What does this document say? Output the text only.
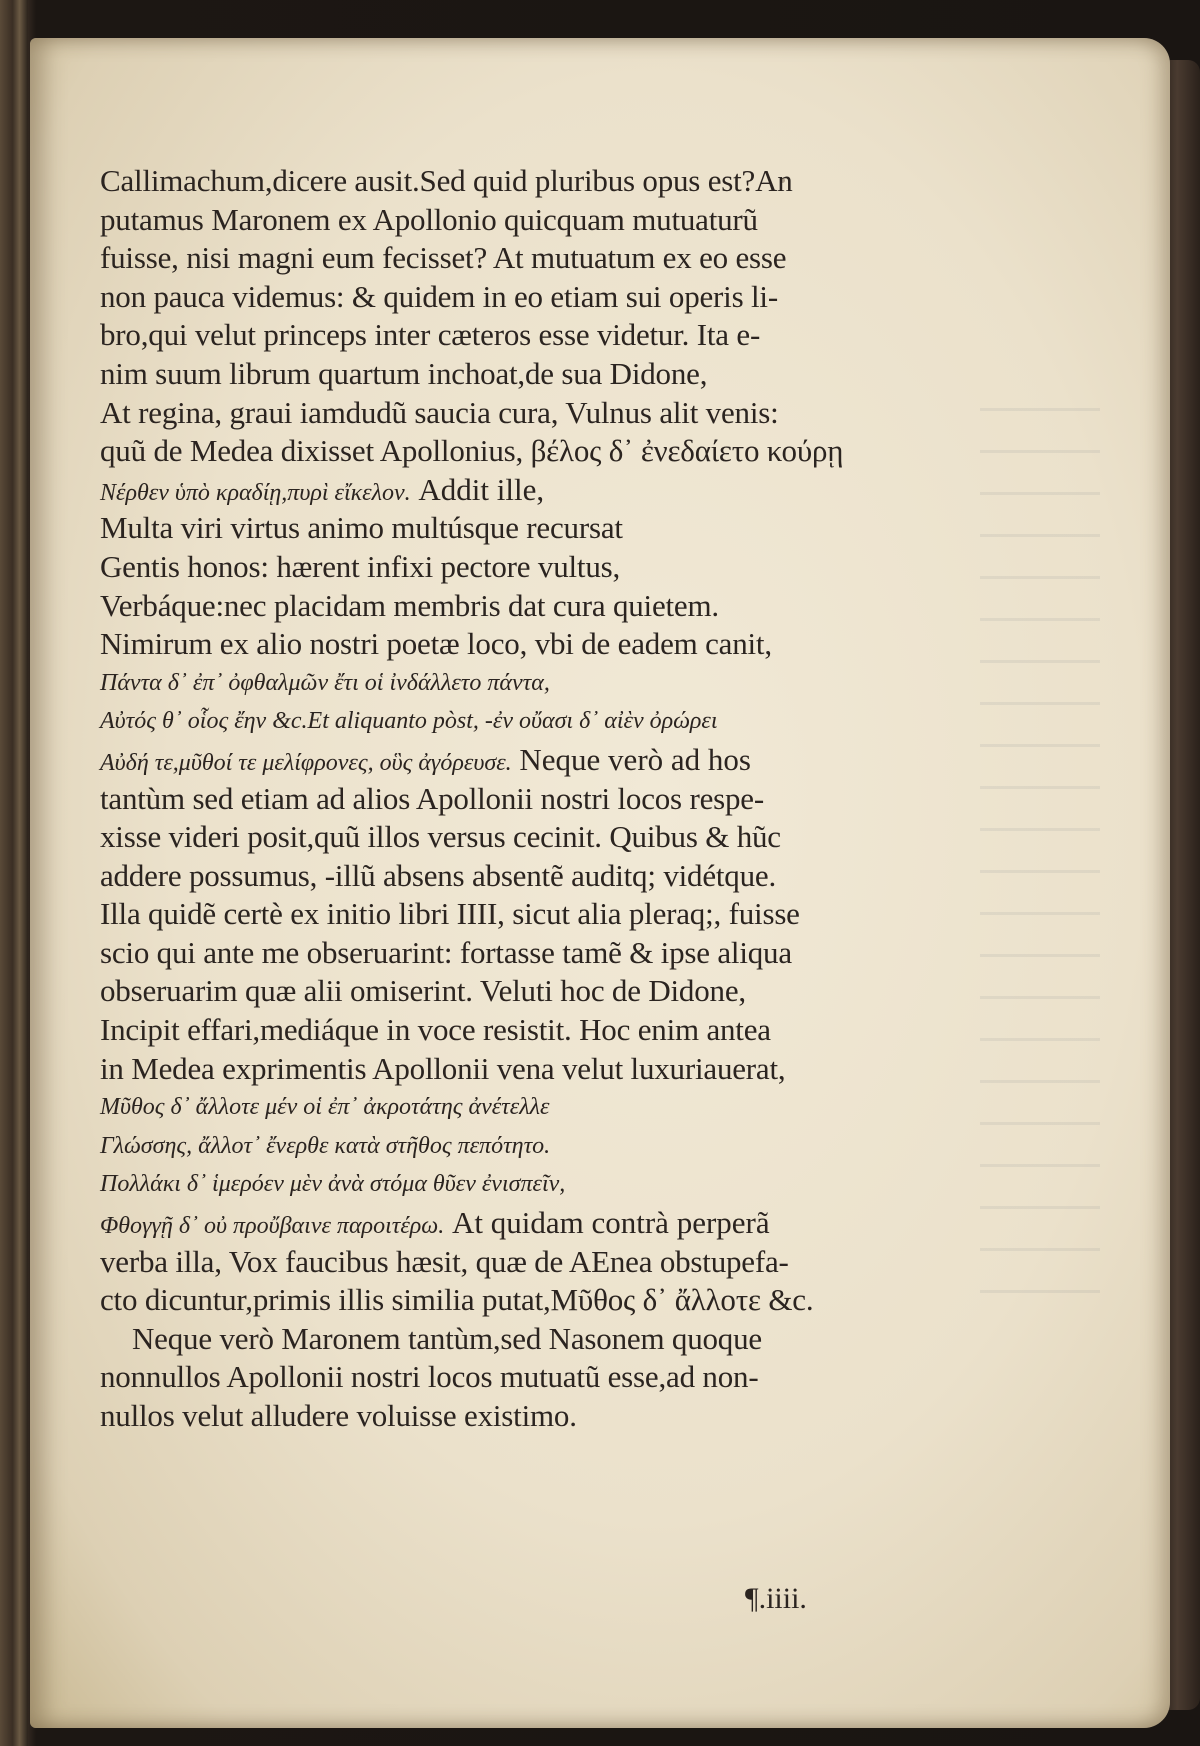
Callimachum,dicere ausit.Sed quid pluribus opus est?An
putamus Maronem ex Apollonio quicquam mutuaturũ
fuisse, nisi magni eum fecisset? At mutuatum ex eo esse
non pauca videmus: & quidem in eo etiam sui operis li-
bro,qui velut princeps inter cæteros esse videtur. Ita e-
nim suum librum quartum inchoat,de sua Didone,
At regina, graui iamdudũ saucia cura, Vulnus alit venis:
quũ de Medea dixisset Apollonius, βέλος δ᾽ ἐνεδαίετο κούρῃ
Νέρθεν ὑπὸ κραδίῃ,πυρὶ εἴκελον. Addit ille,
Multa viri virtus animo multúsque recursat
Gentis honos: hærent infixi pectore vultus,
Verbáque:nec placidam membris dat cura quietem.
Nimirum ex alio nostri poetæ loco, vbi de eadem canit,
Πάντα δ᾽ ἐπ᾽ ὀφθαλμῶν ἔτι οἱ ἰνδάλλετο πάντα,
Αὐτός θ᾽ οἷος ἔην &c.Et aliquanto pòst, -ἐν οὔασι δ᾽ αἰὲν ὀρώρει
Αὐδή τε,μῦθοί τε μελίφρονες, οὓς ἀγόρευσε. Neque verò ad hos
tantùm sed etiam ad alios Apollonii nostri locos respe-
xisse videri posit,quũ illos versus cecinit. Quibus & hũc
addere possumus, -illũ absens absentẽ auditq; vidétque.
Illa quidẽ certè ex initio libri IIII, sicut alia pleraq;, fuisse
scio qui ante me obseruarint: fortasse tamẽ & ipse aliqua
obseruarim quæ alii omiserint. Veluti hoc de Didone,
Incipit effari,mediáque in voce resistit. Hoc enim antea
in Medea exprimentis Apollonii vena velut luxuriauerat,
Μῦθος δ᾽ ἄλλοτε μέν οἱ ἐπ᾽ ἀκροτάτης ἀνέτελλε
Γλώσσης, ἄλλοτ᾽ ἔνερθε κατὰ στῆθος πεπότητο.
Πολλάκι δ᾽ ἱμερόεν μὲν ἀνὰ στόμα θῦεν ἐνισπεῖν,
Φθογγῇ δ᾽ οὐ προὔβαινε παροιτέρω. At quidam contrà perperã
verba illa, Vox faucibus hæsit, quæ de AEnea obstupefa-
cto dicuntur,primis illis similia putat,Μῦθος δ᾽ ἄλλοτε &c.
Neque verò Maronem tantùm,sed Nasonem quoque
nonnullos Apollonii nostri locos mutuatũ esse,ad non-
nullos velut alludere voluisse existimo.
¶.iiii.
